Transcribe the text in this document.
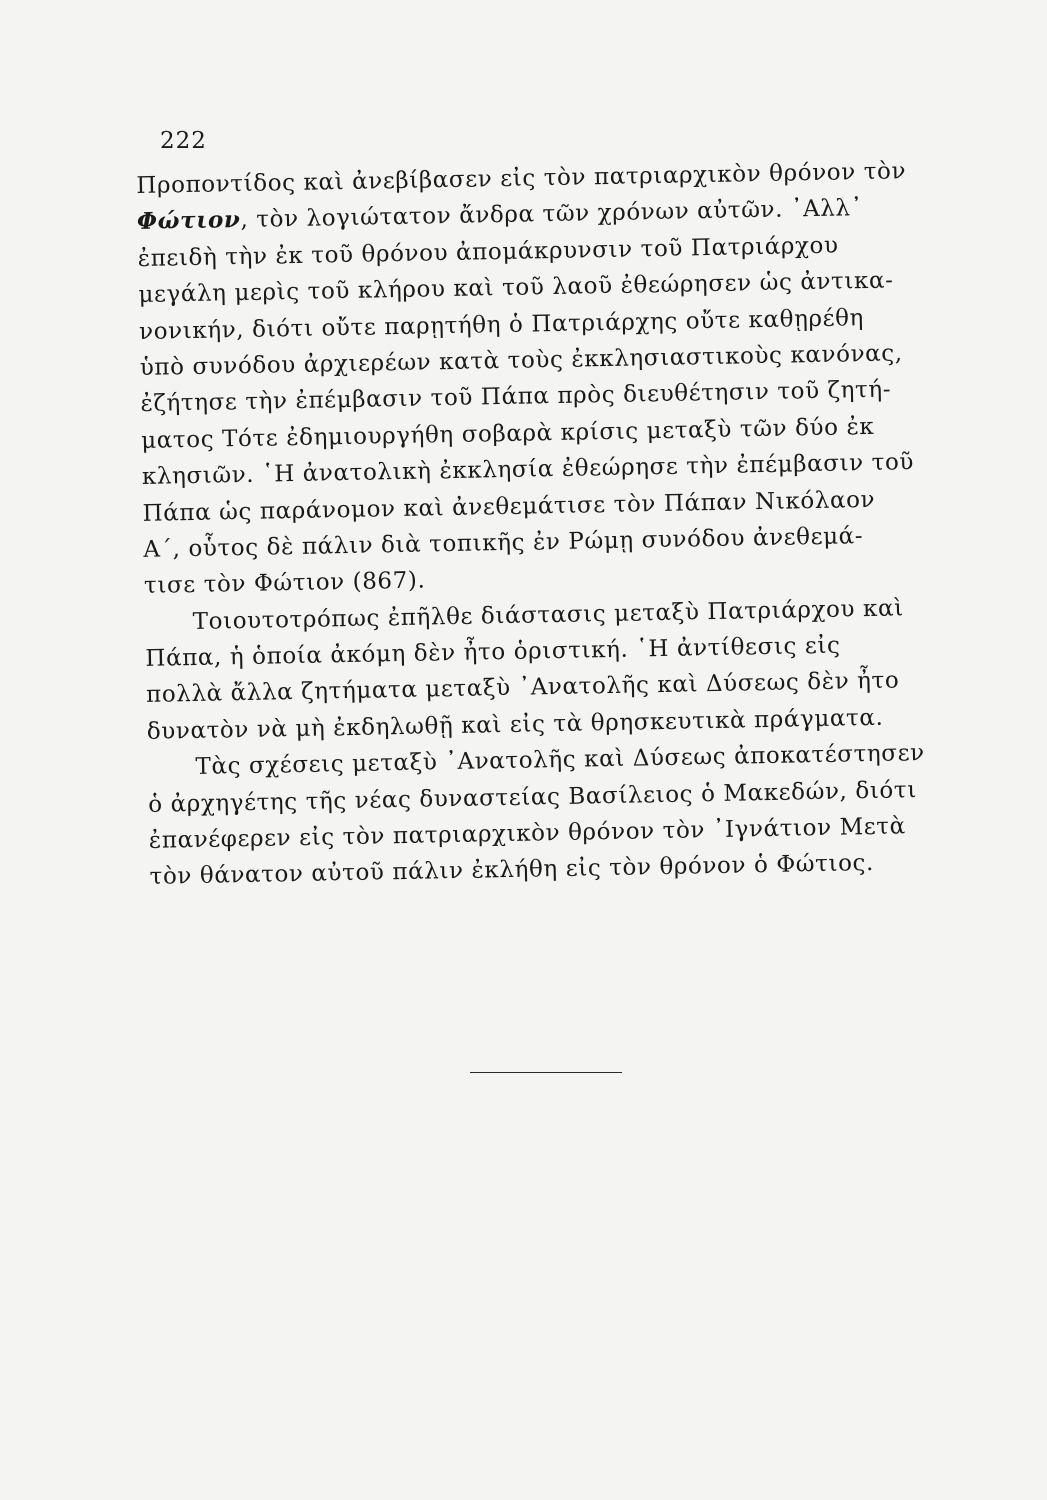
222
Προποντίδος καὶ ἀνεβίβασεν εἰς τὸν πατριαρχικὸν θρόνον τὸν
Φώτιον, τὸν λογιώτατον ἄνδρα τῶν χρόνων αὐτῶν. ᾿Αλλ᾿
ἐπειδὴ τὴν ἐκ τοῦ θρόνου ἀπομάκρυνσιν τοῦ Πατριάρχου
μεγάλη μερὶς τοῦ κλήρου καὶ τοῦ λαοῦ ἐθεώρησεν ὡς ἀντικα-
νονικήν, διότι οὔτε παρῃτήθη ὁ Πατριάρχης οὔτε καθῃρέθη
ὑπὸ συνόδου ἀρχιερέων κατὰ τοὺς ἐκκλησιαστικοὺς κανόνας,
ἐζήτησε τὴν ἐπέμβασιν τοῦ Πάπα πρὸς διευθέτησιν τοῦ ζητή-
ματος Τότε ἐδημιουργήθη σοβαρὰ κρίσις μεταξὺ τῶν δύο ἐκ
κλησιῶν. ῾Η ἀνατολικὴ ἐκκλησία ἐθεώρησε τὴν ἐπέμβασιν τοῦ
Πάπα ὡς παράνομον καὶ ἀνεθεμάτισε τὸν Πάπαν Νικόλαον
Α΄, οὗτος δὲ πάλιν διὰ τοπικῆς ἐν Ρώμῃ συνόδου ἀνεθεμά-
τισε τὸν Φώτιον (867).
Τοιουτοτρόπως ἐπῆλθε διάστασις μεταξὺ Πατριάρχου καὶ
Πάπα, ἡ ὁποία ἀκόμη δὲν ἦτο ὁριστική. ῾Η ἀντίθεσις εἰς
πολλὰ ἄλλα ζητήματα μεταξὺ ᾿Ανατολῆς καὶ Δύσεως δὲν ἦτο
δυνατὸν νὰ μὴ ἐκδηλωθῇ καὶ εἰς τὰ θρησκευτικὰ πράγματα.
Τὰς σχέσεις μεταξὺ ᾿Ανατολῆς καὶ Δύσεως ἀποκατέστησεν
ὁ ἀρχηγέτης τῆς νέας δυναστείας Βασίλειος ὁ Μακεδών, διότι
ἐπανέφερεν εἰς τὸν πατριαρχικὸν θρόνον τὸν ᾿Ιγνάτιον Μετὰ
τὸν θάνατον αὐτοῦ πάλιν ἐκλήθη εἰς τὸν θρόνον ὁ Φώτιος.
